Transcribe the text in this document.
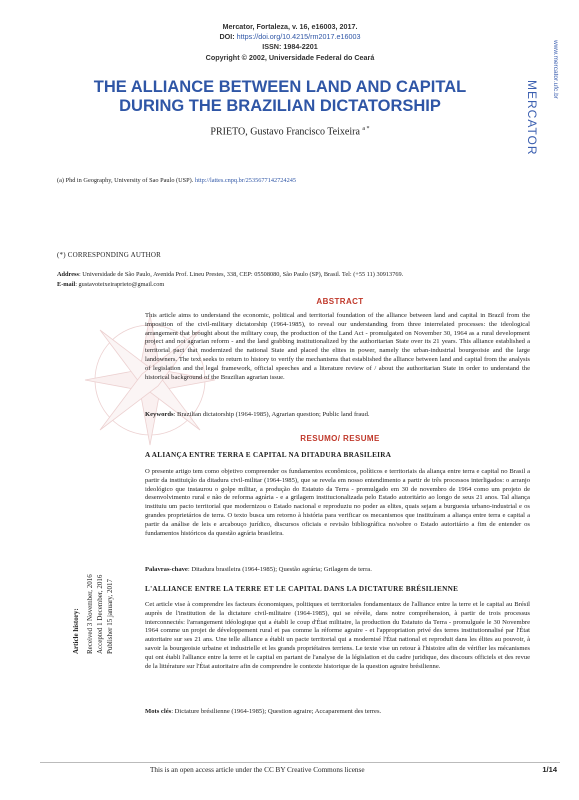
Mercator, Fortaleza, v. 16, e16003, 2017.
DOI: https://doi.org/10.4215/rm2017.e16003
ISSN: 1984-2201
Copyright © 2002, Universidade Federal do Ceará	www.mercator.ufc.br
MERCATOR
THE ALLIANCE BETWEEN LAND AND CAPITAL
DURING THE BRAZILIAN DICTATORSHIP
PRIETO, Gustavo Francisco Teixeira $^{a *}$
(a) Phd in Geography, University of Sao Paulo (USP). http://lattes.cnpq.br/2535677142724245
(*) CORRESPONDING AUTHOR
Address: Universidade de São Paulo, Avenida Prof. Lineu Prestes, 338, CEP: 05508080, São Paulo (SP), Brasil. Tel: (+55 11) 30913769.
E-mail: gustavoteixeiraprieto@gmail.com
ABSTRACT
This article aims to understand the economic, political and territorial foundation of the alliance between land and capital in Brazil from the imposition of the civil-military dictatorship (1964-1985), to reveal our understanding from three interrelated processes: the ideological arrangement that brought about the military coup, the production of the Land Act - promulgated on November 30, 1964 as a rural development project and not agrarian reform - and the land grabbing institutionalized by the authoritarian State over its 21 years. This alliance established a territorial pact that modernized the national State and placed the elites in power, namely the urban-industrial bourgeoisie and the large landowners. The text seeks to return to history to verify the mechanisms that established the alliance between land and capital from the analysis of legislation and the legal framework, official speeches and a literature review of / about the authoritarian State in order to understand the historical background of the Brazilian agrarian issue.
Keywords: Brazilian dictatorship (1964-1985), Agrarian question; Public land fraud.
RESUMO/ RESUME
A ALIANÇA ENTRE TERRA E CAPITAL NA DITADURA BRASILEIRA
O presente artigo tem como objetivo compreender os fundamentos econômicos, políticos e territoriais da aliança entre terra e capital no Brasil a partir da instituição da ditadura civil-militar (1964-1985), que se revela em nosso entendimento a partir de três processos interligados: o arranjo ideológico que instaurou o golpe militar, a produção do Estatuto da Terra - promulgado em 30 de novembro de 1964 como um projeto de desenvolvimento rural e não de reforma agrária - e a grilagem institucionalizada pelo Estado autoritário ao longo de seus 21 anos. Tal aliança instituiu um pacto territorial que modernizou o Estado nacional e reproduziu no poder as elites, quais sejam a burguesia urbano-industrial e os grandes proprietários de terra. O texto busca um retorno à história para verificar os mecanismos que instituíram a aliança entre terra e capital a partir da análise de leis e arcabouço jurídico, discursos oficiais e revisão bibliográfica no/sobre o Estado autoritário a fim de entender os fundamentos históricos da questão agrária brasileira.
Palavras-chave: Ditadura brasileira (1964-1985); Questão agrária; Grilagem de terra.
L'ALLIANCE ENTRE LA TERRE ET LE CAPITAL DANS LA DICTATURE BRÉSILIENNE
Cet article vise à comprendre les facteurs économiques, politiques et territoriales fondamentaux de l'alliance entre la terre et le capital au Brésil auprès de l'institution de la dictature civil-militaire (1964-1985), qui se révèle, dans notre compréhension, à partir de trois processus interconnectés: l'arrangement idéologique qui a établi le coup d'État militaire, la production du Estatuto da Terra - promulguée le 30 Novembre 1964 comme un projet de développement rural et pas comme la réforme agraire - et l'appropriation privé des terres institutionnalisé par l'État autoritaire sur ses 21 ans. Une telle alliance a établi un pacte territorial qui a modernisé l'État national et reproduit dans les élites au pouvoir, à savoir la bourgeoisie urbaine et industrielle et les grands propriétaires terriens. Le texte vise un retour à l'histoire afin de vérifier les mécanismes qui ont établi l'alliance entre la terre et le capital en partant de l'analyse de la législation et du cadre juridique, des discours officiels et des revue de la littérature sur l'État autoritaire afin de comprendre le contexte historique de la question agraire brésilienne.
Mots clés: Dictature brésilienne (1964-1985); Question agraire; Accaparement des terres.
Article history: Received 3 November, 2016 Accepted 1 December, 2016 Publisher 15 january, 2017
This is an open access article under the CC BY Creative Commons license	1/14
